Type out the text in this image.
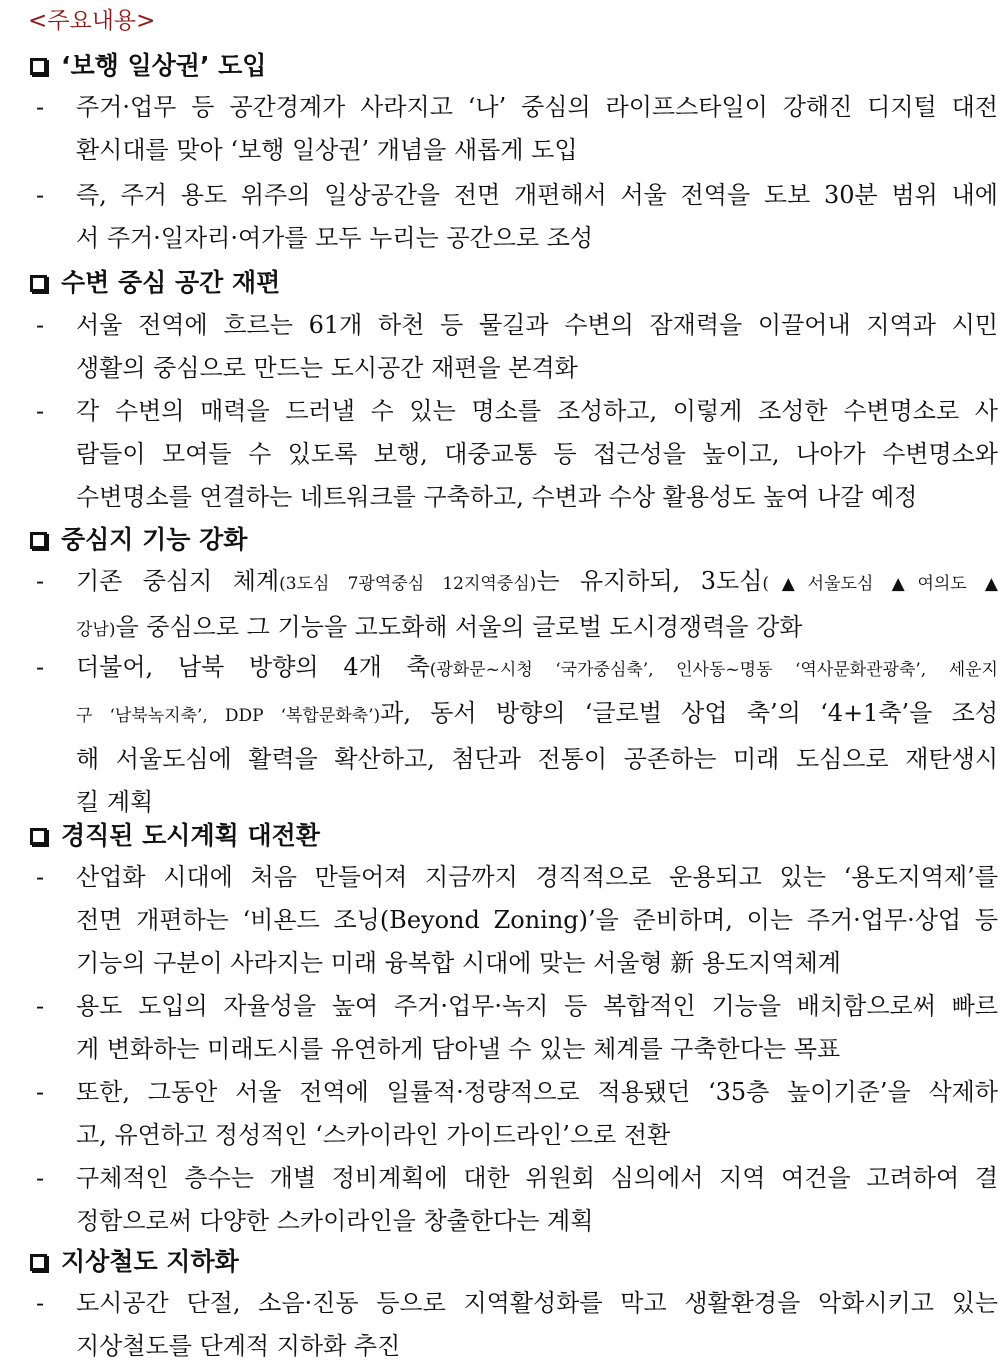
<주요내용>
‘보행 일상권’ 도입
-	주거·업무 등 공간경계가 사라지고 ‘나’ 중심의 라이프스타일이 강해진 디지털 대전
환시대를 맞아 ‘보행 일상권’ 개념을 새롭게 도입
-	즉, 주거 용도 위주의 일상공간을 전면 개편해서 서울 전역을 도보 30분 범위 내에
서 주거·일자리·여가를 모두 누리는 공간으로 조성
수변 중심 공간 재편
-	서울 전역에 흐르는 61개 하천 등 물길과 수변의 잠재력을 이끌어내 지역과 시민
생활의 중심으로 만드는 도시공간 재편을 본격화
-	각 수변의 매력을 드러낼 수 있는 명소를 조성하고, 이렇게 조성한 수변명소로 사
람들이 모여들 수 있도록 보행, 대중교통 등 접근성을 높이고, 나아가 수변명소와
수변명소를 연결하는 네트워크를 구축하고, 수변과 수상 활용성도 높여 나갈 예정
중심지 기능 강화
-	기존 중심지 체계(3도심 7광역중심 12지역중심)는 유지하되, 3도심(▲서울도심 ▲여의도 ▲
강남)을 중심으로 그 기능을 고도화해 서울의 글로벌 도시경쟁력을 강화
-	더불어, 남북 방향의 4개 축(광화문~시청 ‘국가중심축’, 인사동~명동 ‘역사문화관광축’, 세운지
구 ‘남북녹지축’, DDP ‘복합문화축’)과, 동서 방향의 ‘글로벌 상업 축’의 ‘4+1축’을 조성
해 서울도심에 활력을 확산하고, 첨단과 전통이 공존하는 미래 도심으로 재탄생시
킬 계획
경직된 도시계획 대전환
-	산업화 시대에 처음 만들어져 지금까지 경직적으로 운용되고 있는 ‘용도지역제’를
전면 개편하는 ‘비욘드 조닝(Beyond Zoning)’을 준비하며, 이는 주거·업무·상업 등
기능의 구분이 사라지는 미래 융복합 시대에 맞는 서울형 新 용도지역체계
-	용도 도입의 자율성을 높여 주거·업무·녹지 등 복합적인 기능을 배치함으로써 빠르
게 변화하는 미래도시를 유연하게 담아낼 수 있는 체계를 구축한다는 목표
-	또한, 그동안 서울 전역에 일률적·정량적으로 적용됐던 ‘35층 높이기준’을 삭제하
고, 유연하고 정성적인 ‘스카이라인 가이드라인’으로 전환
-	구체적인 층수는 개별 정비계획에 대한 위원회 심의에서 지역 여건을 고려하여 결
정함으로써 다양한 스카이라인을 창출한다는 계획
지상철도 지하화
-	도시공간 단절, 소음·진동 등으로 지역활성화를 막고 생활환경을 악화시키고 있는
지상철도를 단계적 지하화 추진
